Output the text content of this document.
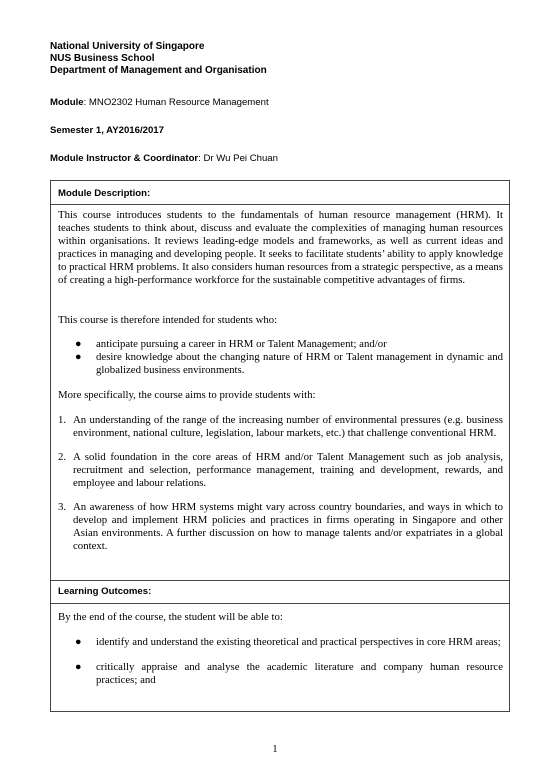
National University of Singapore
NUS Business School
Department of Management and Organisation
Module: MNO2302 Human Resource Management
Semester 1, AY2016/2017
Module Instructor & Coordinator: Dr Wu Pei Chuan
Module Description:
This course introduces students to the fundamentals of human resource management (HRM). It teaches students to think about, discuss and evaluate the complexities of managing human resources within organisations. It reviews leading-edge models and frameworks, as well as current ideas and practices in managing and developing people. It seeks to facilitate students’ ability to apply knowledge to practical HRM problems. It also considers human resources from a strategic perspective, as a means of creating a high-performance workforce for the sustainable competitive advantages of firms.
This course is therefore intended for students who:
● anticipate pursuing a career in HRM or Talent Management; and/or
● desire knowledge about the changing nature of HRM or Talent management in dynamic and globalized business environments.
More specifically, the course aims to provide students with:
1. An understanding of the range of the increasing number of environmental pressures (e.g. business environment, national culture, legislation, labour markets, etc.) that challenge conventional HRM.
2. A solid foundation in the core areas of HRM and/or Talent Management such as job analysis, recruitment and selection, performance management, training and development, rewards, and employee and labour relations.
3. An awareness of how HRM systems might vary across country boundaries, and ways in which to develop and implement HRM policies and practices in firms operating in Singapore and other Asian environments. A further discussion on how to manage talents and/or expatriates in a global context.
Learning Outcomes:
By the end of the course, the student will be able to:
● identify and understand the existing theoretical and practical perspectives in core HRM areas;
● critically appraise and analyse the academic literature and company human resource practices; and
1
